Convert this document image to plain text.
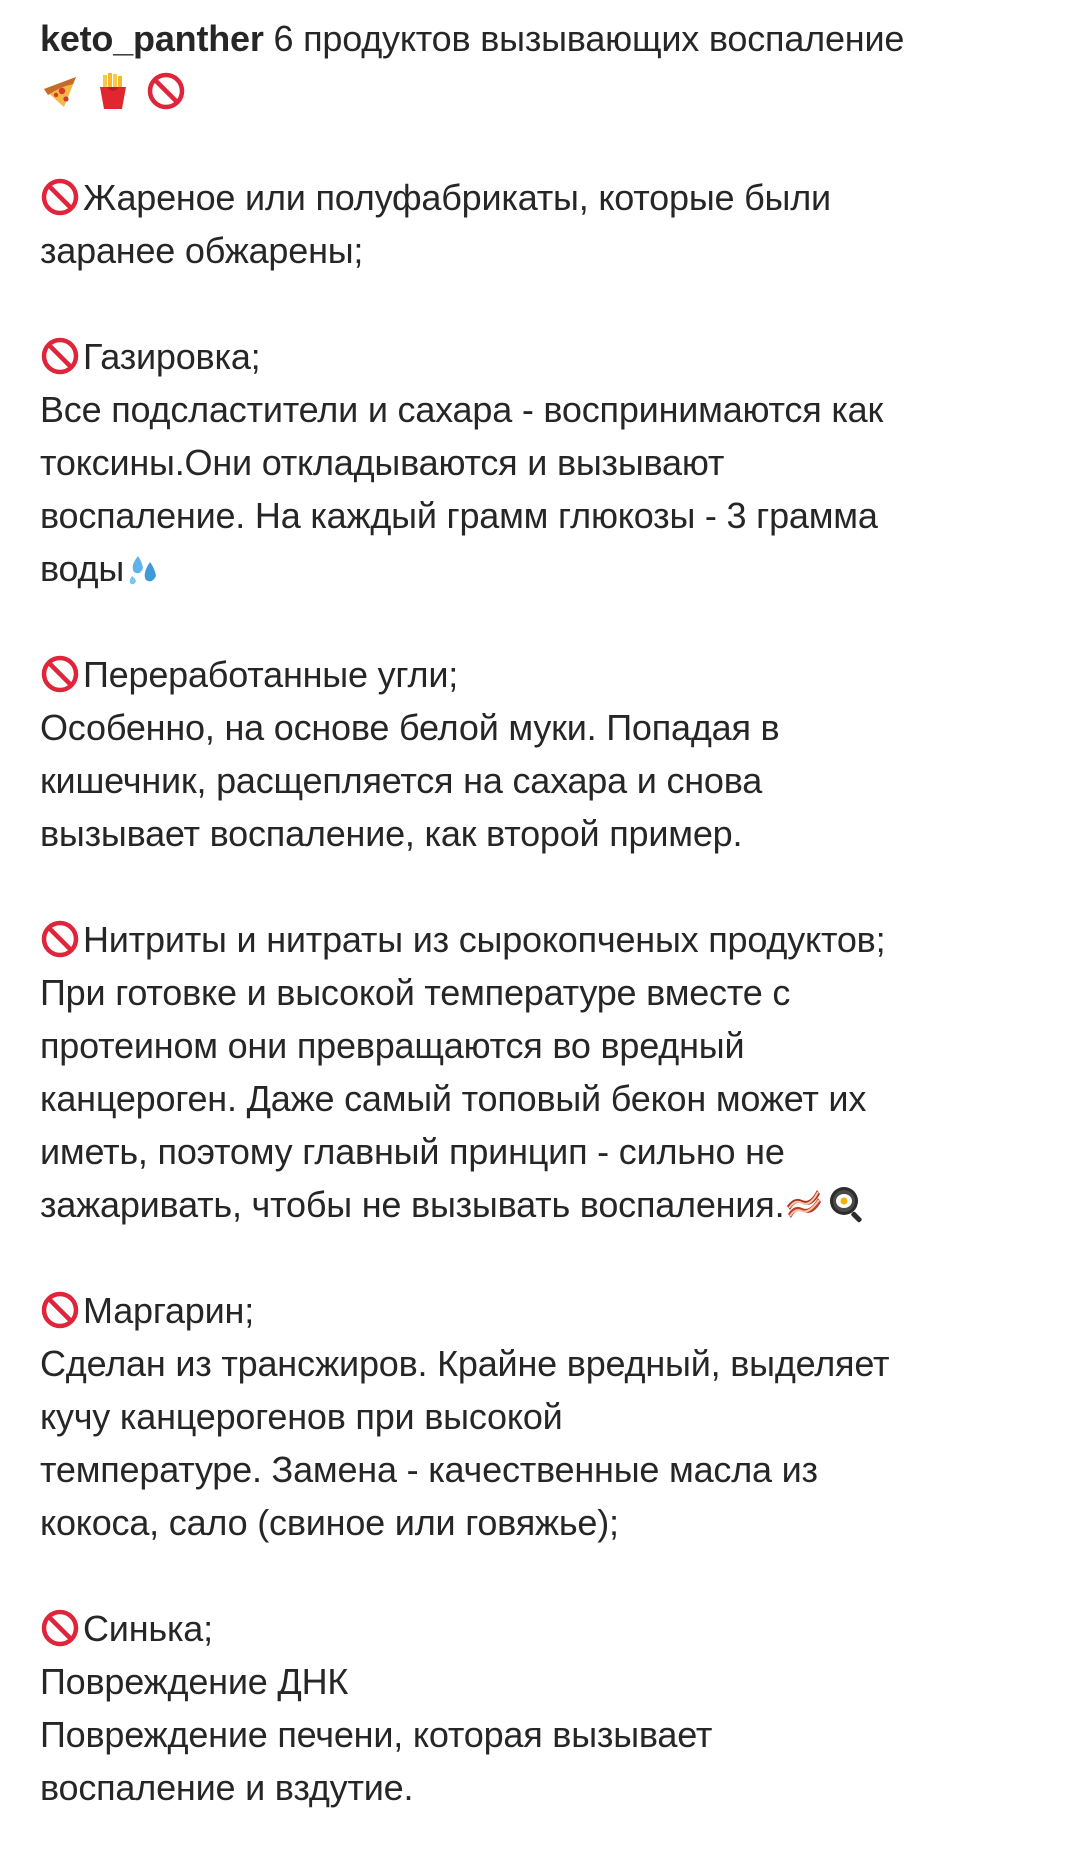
keto_panther 6 продуктов вызывающих воспаление

Жареное или полуфабрикаты, которые были
заранее обжарены;
Газировка;
Все подсластители и сахара - воспринимаются как
токсины.Они откладываются и вызывают
воспаление. На каждый грамм глюкозы - 3 грамма
воды
Переработанные угли;
Особенно, на основе белой муки. Попадая в
кишечник, расщепляется на сахара и снова
вызывает воспаление, как второй пример.
Нитриты и нитраты из сырокопченых продуктов;
При готовке и высокой температуре вместе с
протеином они превращаются во вредный
канцероген. Даже самый топовый бекон может их
иметь, поэтому главный принцип - сильно не
зажаривать, чтобы не вызывать воспаления.
Маргарин;
Сделан из трансжиров. Крайне вредный, выделяет
кучу канцерогенов при высокой
температуре. Замена - качественные масла из
кокоса, сало (свиное или говяжье);
Синька;
Повреждение ДНК
Повреждение печени, которая вызывает
воспаление и вздутие.
